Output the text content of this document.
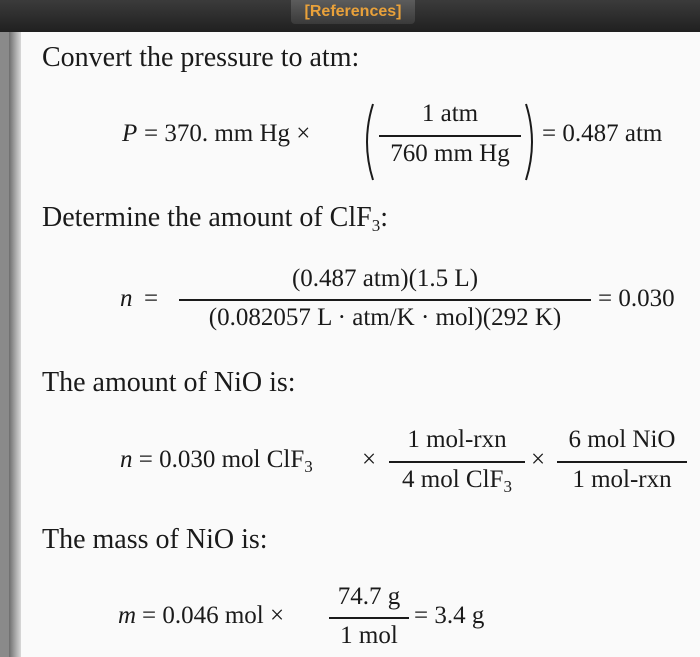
[References]
Convert the pressure to atm:
P = 370. mm Hg ×
1 atm
760 mm Hg
= 0.487 atm
Determine the amount of ClF$_3$:
n =
(0.487 atm)(1.5 L)
(0.082057 L · atm/K · mol)(292 K)
= 0.030
The amount of NiO is:
n = 0.030 mol ClF$_3$ ×
1 mol-rxn
4 mol ClF$_3$
×
6 mol NiO
1 mol-rxn
The mass of NiO is:
m = 0.046 mol ×
74.7 g
1 mol
= 3.4 g
